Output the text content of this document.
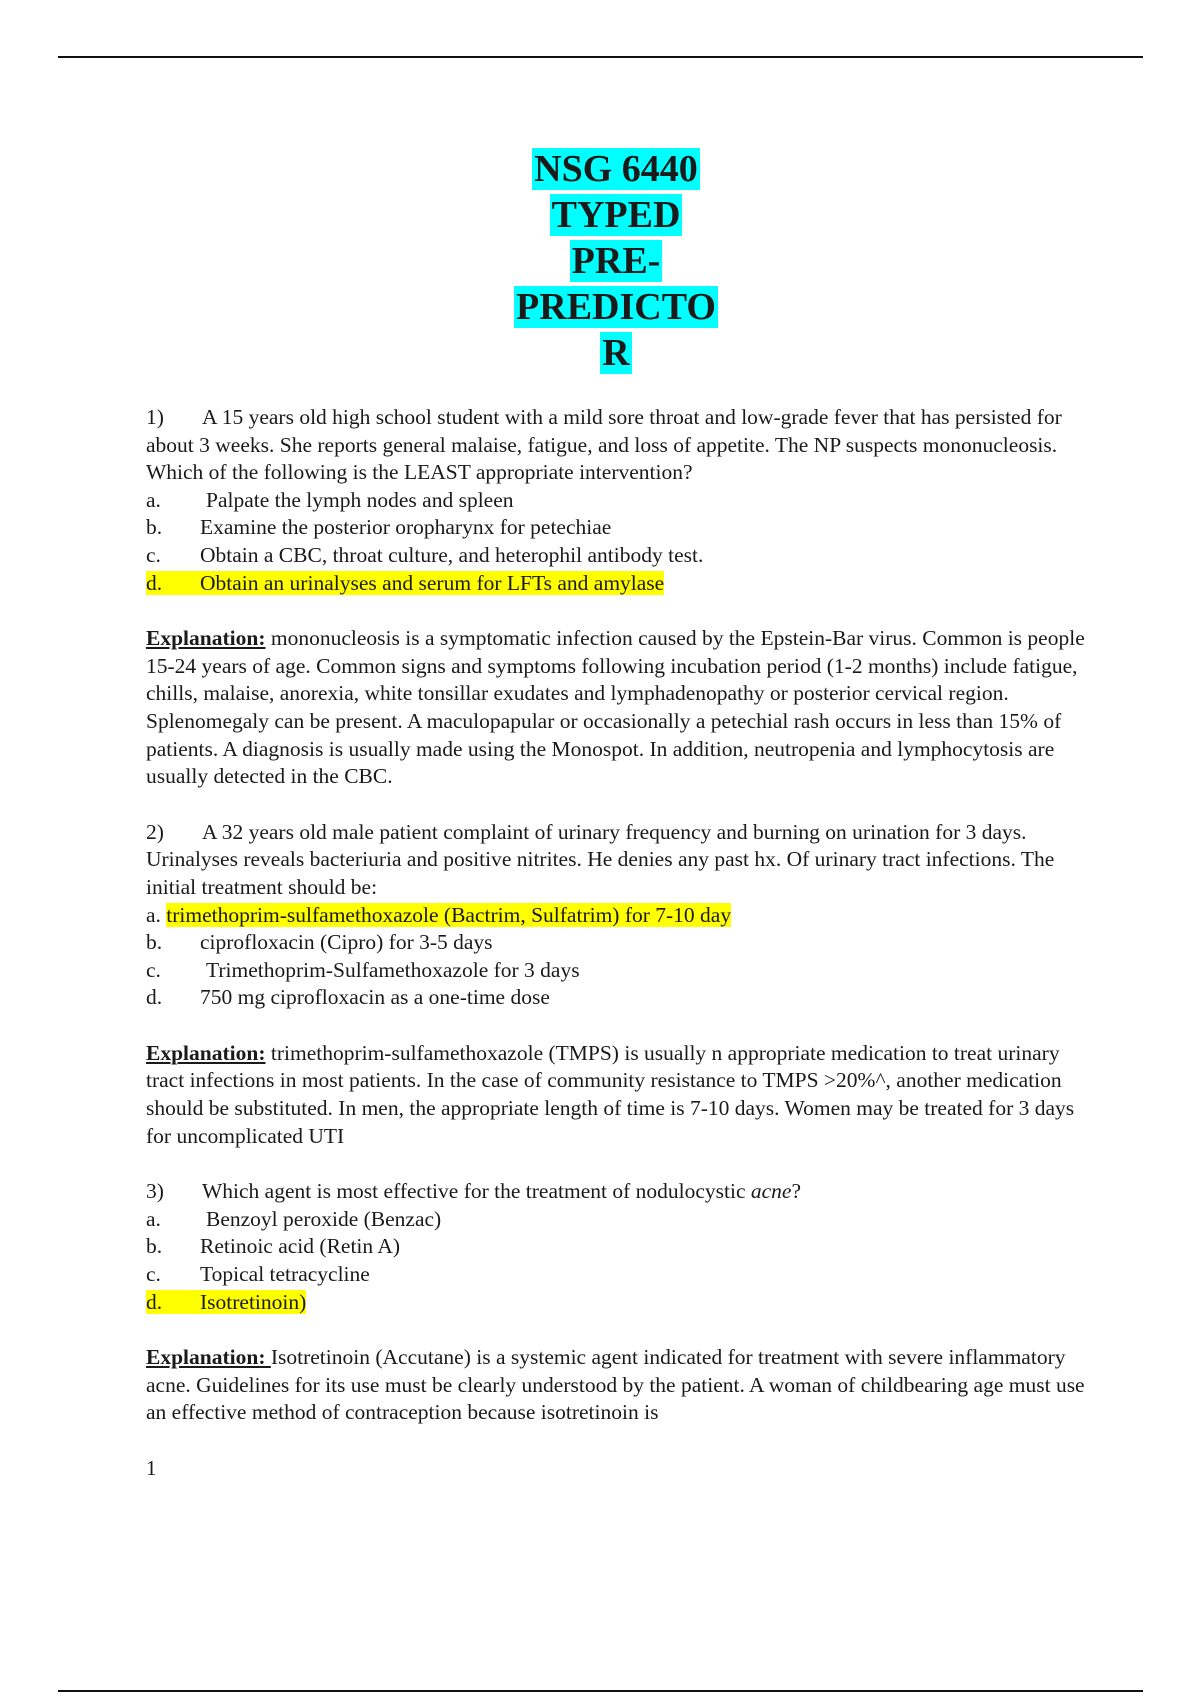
NSG 6440
TYPED
PRE-
PREDICTO
R

1) A 15 years old high school student with a mild sore throat and low-grade fever that has persisted for about 3 weeks. She reports general malaise, fatigue, and loss of appetite. The NP suspects mononucleosis. Which of the following is the LEAST appropriate intervention?

a. Palpate the lymph nodes and spleen

b. Examine the posterior oropharynx for petechiae

c. Obtain a CBC, throat culture, and heterophil antibody test.

d. Obtain an urinalyses and serum for LFTs and amylase

Explanation: mononucleosis is a symptomatic infection caused by the Epstein-Bar virus. Common is people 15-24 years of age. Common signs and symptoms following incubation period (1-2 months) include fatigue, chills, malaise, anorexia, white tonsillar exudates and lymphadenopathy or posterior cervical region. Splenomegaly can be present. A maculopapular or occasionally a petechial rash occurs in less than 15% of patients. A diagnosis is usually made using the Monospot. In addition, neutropenia and lymphocytosis are usually detected in the CBC.

2) A 32 years old male patient complaint of urinary frequency and burning on urination for 3 days. Urinalyses reveals bacteriuria and positive nitrites. He denies any past hx. Of urinary tract infections. The initial treatment should be:

a. trimethoprim-sulfamethoxazole (Bactrim, Sulfatrim) for 7-10 day

b. ciprofloxacin (Cipro) for 3-5 days

c. Trimethoprim-Sulfamethoxazole for 3 days

d. 750 mg ciprofloxacin as a one-time dose

Explanation: trimethoprim-sulfamethoxazole (TMPS) is usually n appropriate medication to treat urinary tract infections in most patients. In the case of community resistance to TMPS >20%^, another medication should be substituted. In men, the appropriate length of time is 7-10 days. Women may be treated for 3 days for uncomplicated UTI

3) Which agent is most effective for the treatment of nodulocystic acne?

a. Benzoyl peroxide (Benzac)

b. Retinoic acid (Retin A)

c. Topical tetracycline

d. Isotretinoin)

Explanation: Isotretinoin (Accutane) is a systemic agent indicated for treatment with severe inflammatory acne. Guidelines for its use must be clearly understood by the patient. A woman of childbearing age must use an effective method of contraception because isotretinoin is

1
